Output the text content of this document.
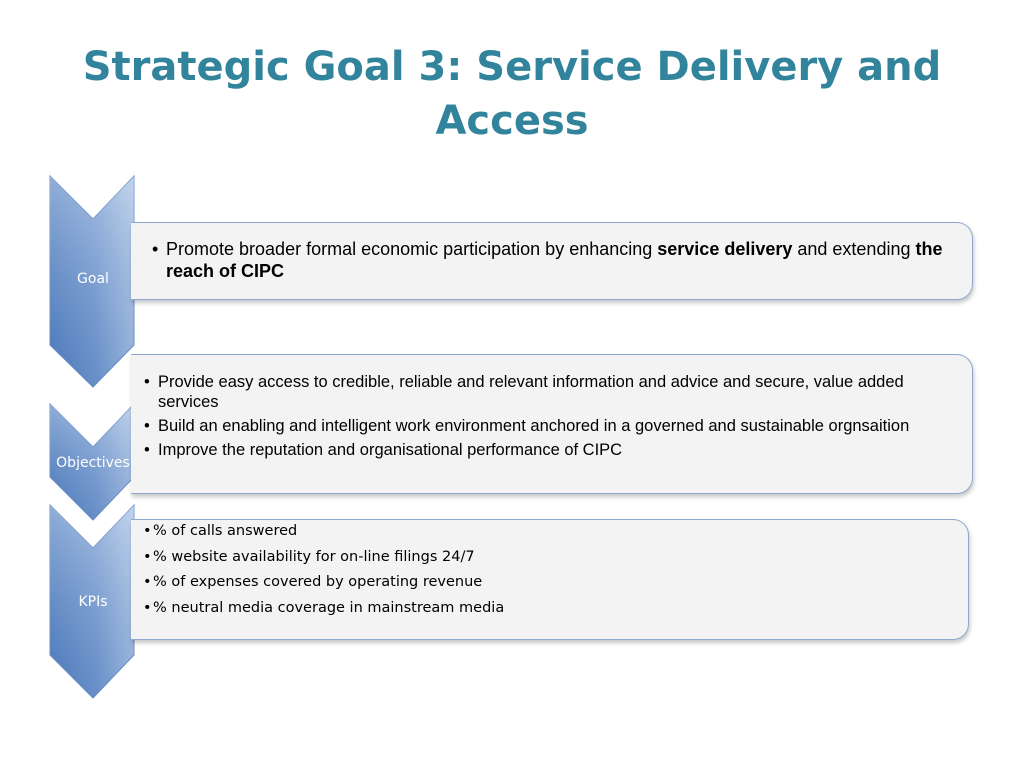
Strategic Goal 3: Service Delivery and
Access
Goal
Objectives
KPIs
• Promote broader formal economic participation by enhancing service delivery and extending the reach of CIPC
• Provide easy access to credible, reliable and relevant information and advice and secure, value added services
• Build an enabling and intelligent work environment anchored in a governed and sustainable orgnsaition
• Improve the reputation and organisational performance of CIPC
• % of calls answered
• % website availability for on-line filings 24/7
• % of expenses covered by operating revenue
• % neutral media coverage in mainstream media
